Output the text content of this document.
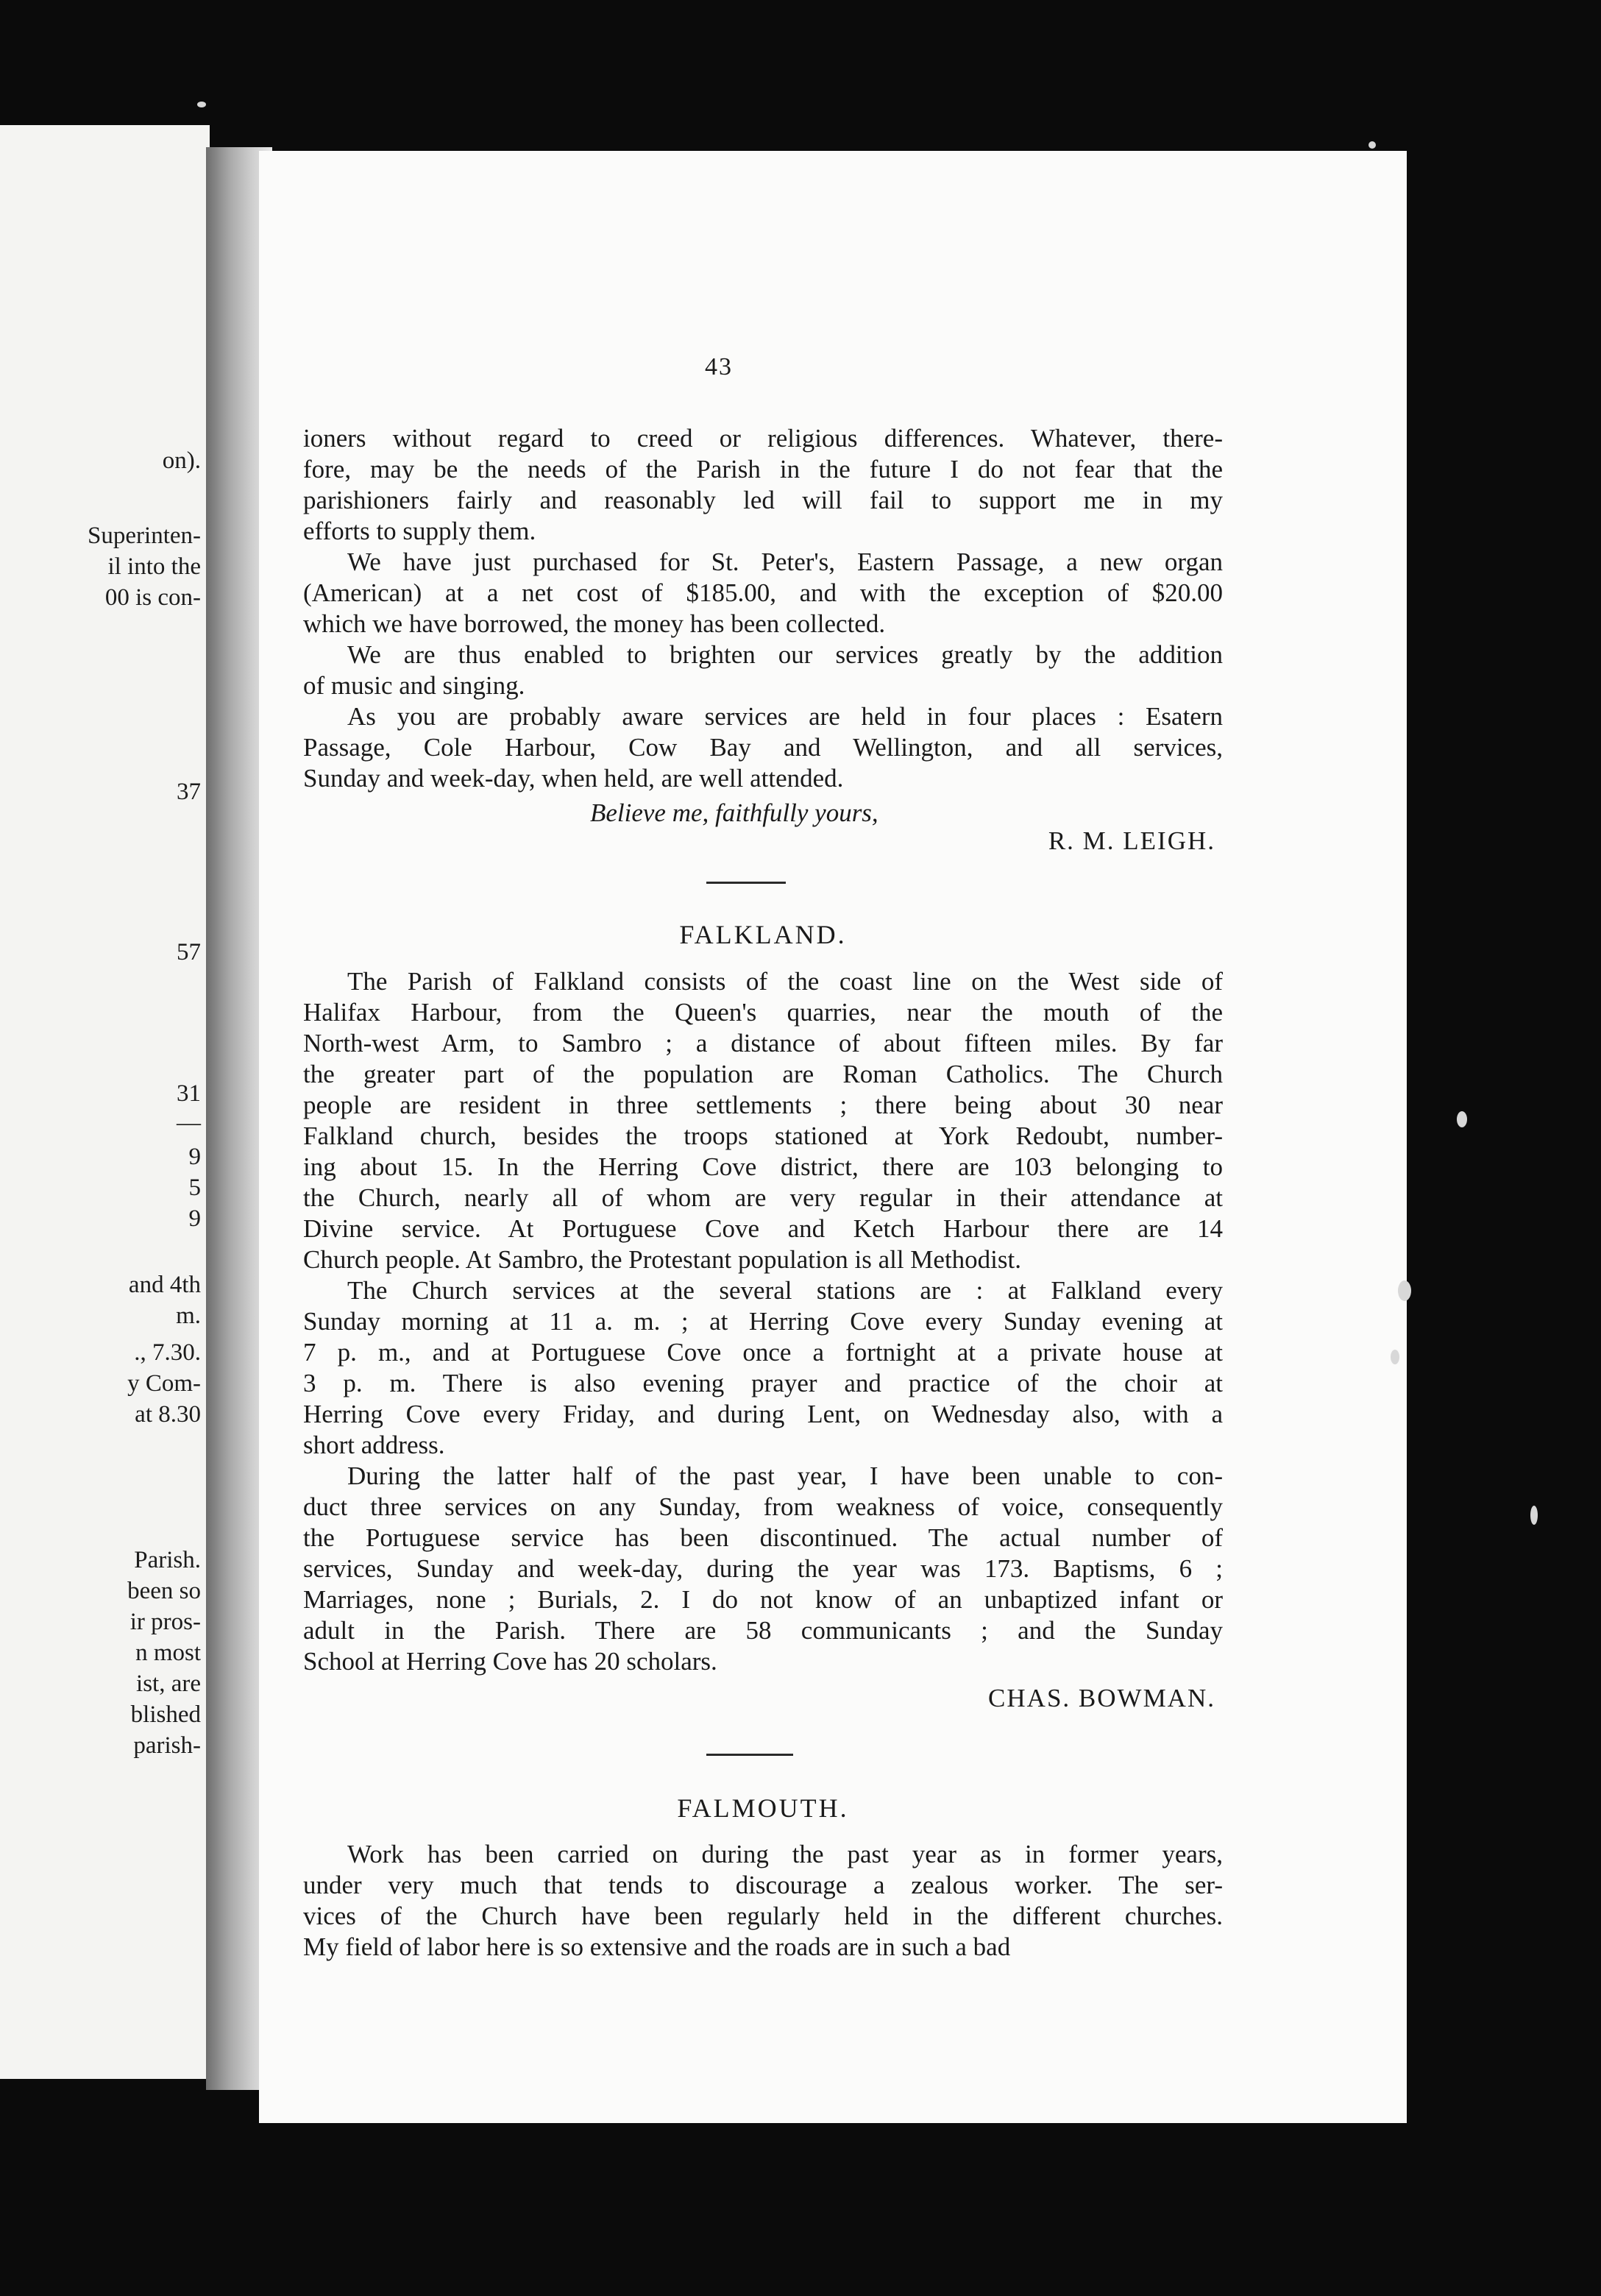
on).

Superinten-

il into the

00 is con-

37

57

31

—

9

5

9

and 4th

m.

., 7.30.

y Com-

at 8.30

Parish.

been so

ir pros-

n most

ist, are

blished

parish-

43
ioners without regard to creed or religious differences. Whatever, there-
fore, may be the needs of the Parish in the future I do not fear that the
parishioners fairly and reasonably led will fail to support me in my
efforts to supply them.
We have just purchased for St. Peter's, Eastern Passage, a new organ
(American) at a net cost of $185.00, and with the exception of $20.00
which we have borrowed, the money has been collected.
We are thus enabled to brighten our services greatly by the addition
of music and singing.
As you are probably aware services are held in four places : Esatern
Passage, Cole Harbour, Cow Bay and Wellington, and all services,
Sunday and week-day, when held, are well attended.

Believe me, faithfully yours,

R. M. LEIGH.

FALKLAND.

The Parish of Falkland consists of the coast line on the West side of
Halifax Harbour, from the Queen's quarries, near the mouth of the
North-west Arm, to Sambro ; a distance of about fifteen miles. By far
the greater part of the population are Roman Catholics. The Church
people are resident in three settlements ; there being about 30 near
Falkland church, besides the troops stationed at York Redoubt, number-
ing about 15. In the Herring Cove district, there are 103 belonging to
the Church, nearly all of whom are very regular in their attendance at
Divine service. At Portuguese Cove and Ketch Harbour there are 14
Church people. At Sambro, the Protestant population is all Methodist.
The Church services at the several stations are : at Falkland every
Sunday morning at 11 a. m. ; at Herring Cove every Sunday evening at
7 p. m., and at Portuguese Cove once a fortnight at a private house at
3 p. m. There is also evening prayer and practice of the choir at
Herring Cove every Friday, and during Lent, on Wednesday also, with a
short address.
During the latter half of the past year, I have been unable to con-
duct three services on any Sunday, from weakness of voice, consequently
the Portuguese service has been discontinued. The actual number of
services, Sunday and week-day, during the year was 173. Baptisms, 6 ;
Marriages, none ; Burials, 2. I do not know of an unbaptized infant or
adult in the Parish. There are 58 communicants ; and the Sunday
School at Herring Cove has 20 scholars.

CHAS. BOWMAN.

FALMOUTH.

Work has been carried on during the past year as in former years,
under very much that tends to discourage a zealous worker. The ser-
vices of the Church have been regularly held in the different churches.
My field of labor here is so extensive and the roads are in such a bad
